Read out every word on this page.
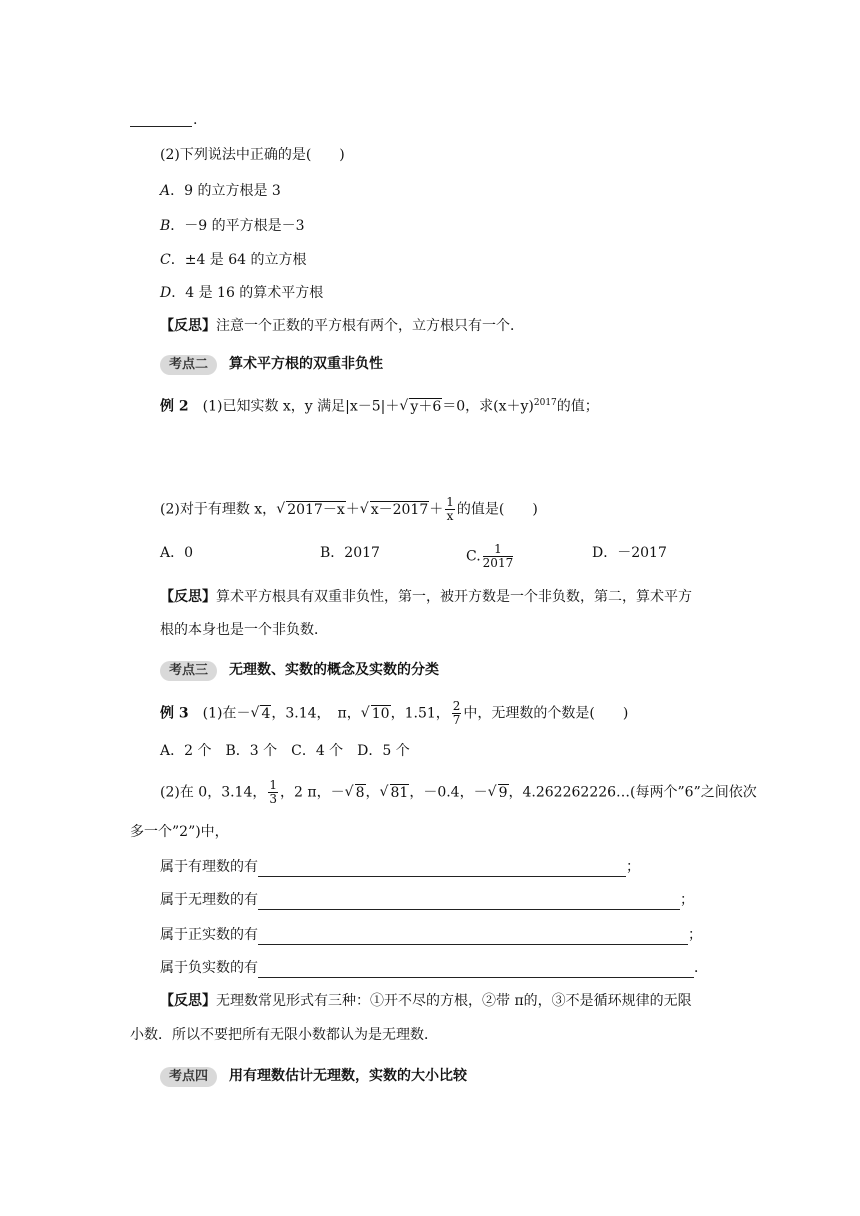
.
(2)下列说法中正确的是(　　)
A．9 的立方根是 3
B．－9 的平方根是－3
C．±4 是 64 的立方根
D．4 是 16 的算术平方根
【反思】注意一个正数的平方根有两个，立方根只有一个．
考点二 算术平方根的双重非负性
例 2　 (1)已知实数 x，y 满足|x－5|＋ √ y＋6＝0，求$(x+y)^{2017}$的值；
(2)对于有理数 x， √ 2017－x＋ √ $x-2017+ \frac{1}{x}$ 的值是(　　)
A．0	B．2017	C. $\frac{1}{2017}$	D．－2017
【反思】算术平方根具有双重非负性，第一，被开方数是一个非负数，第二，算术平方
根的本身也是一个非负数．
考点三 无理数、实数的概念及实数的分类
例 3　 (1)在－ √ 4，3.14，　π， √ 10，1.51， $\frac{2}{7}$ 中，无理数的个数是(　　)
A．2 个　B．3 个　C．4 个　D．5 个
(2)在 0，3.14， $\frac{1}{3}$ ，2 π，－ √ 8， √ 81，－0.4，－ √ 9，4.262262226…(每两个”6”之间依次
多一个”2”)中，
属于有理数的有	；
属于无理数的有	；
属于正实数的有	；
属于负实数的有	．
【反思】无理数常见形式有三种：①开不尽的方根，②带 π的，③不是循环规律的无限
小数．所以不要把所有无限小数都认为是无理数．
考点四 用有理数估计无理数，实数的大小比较
